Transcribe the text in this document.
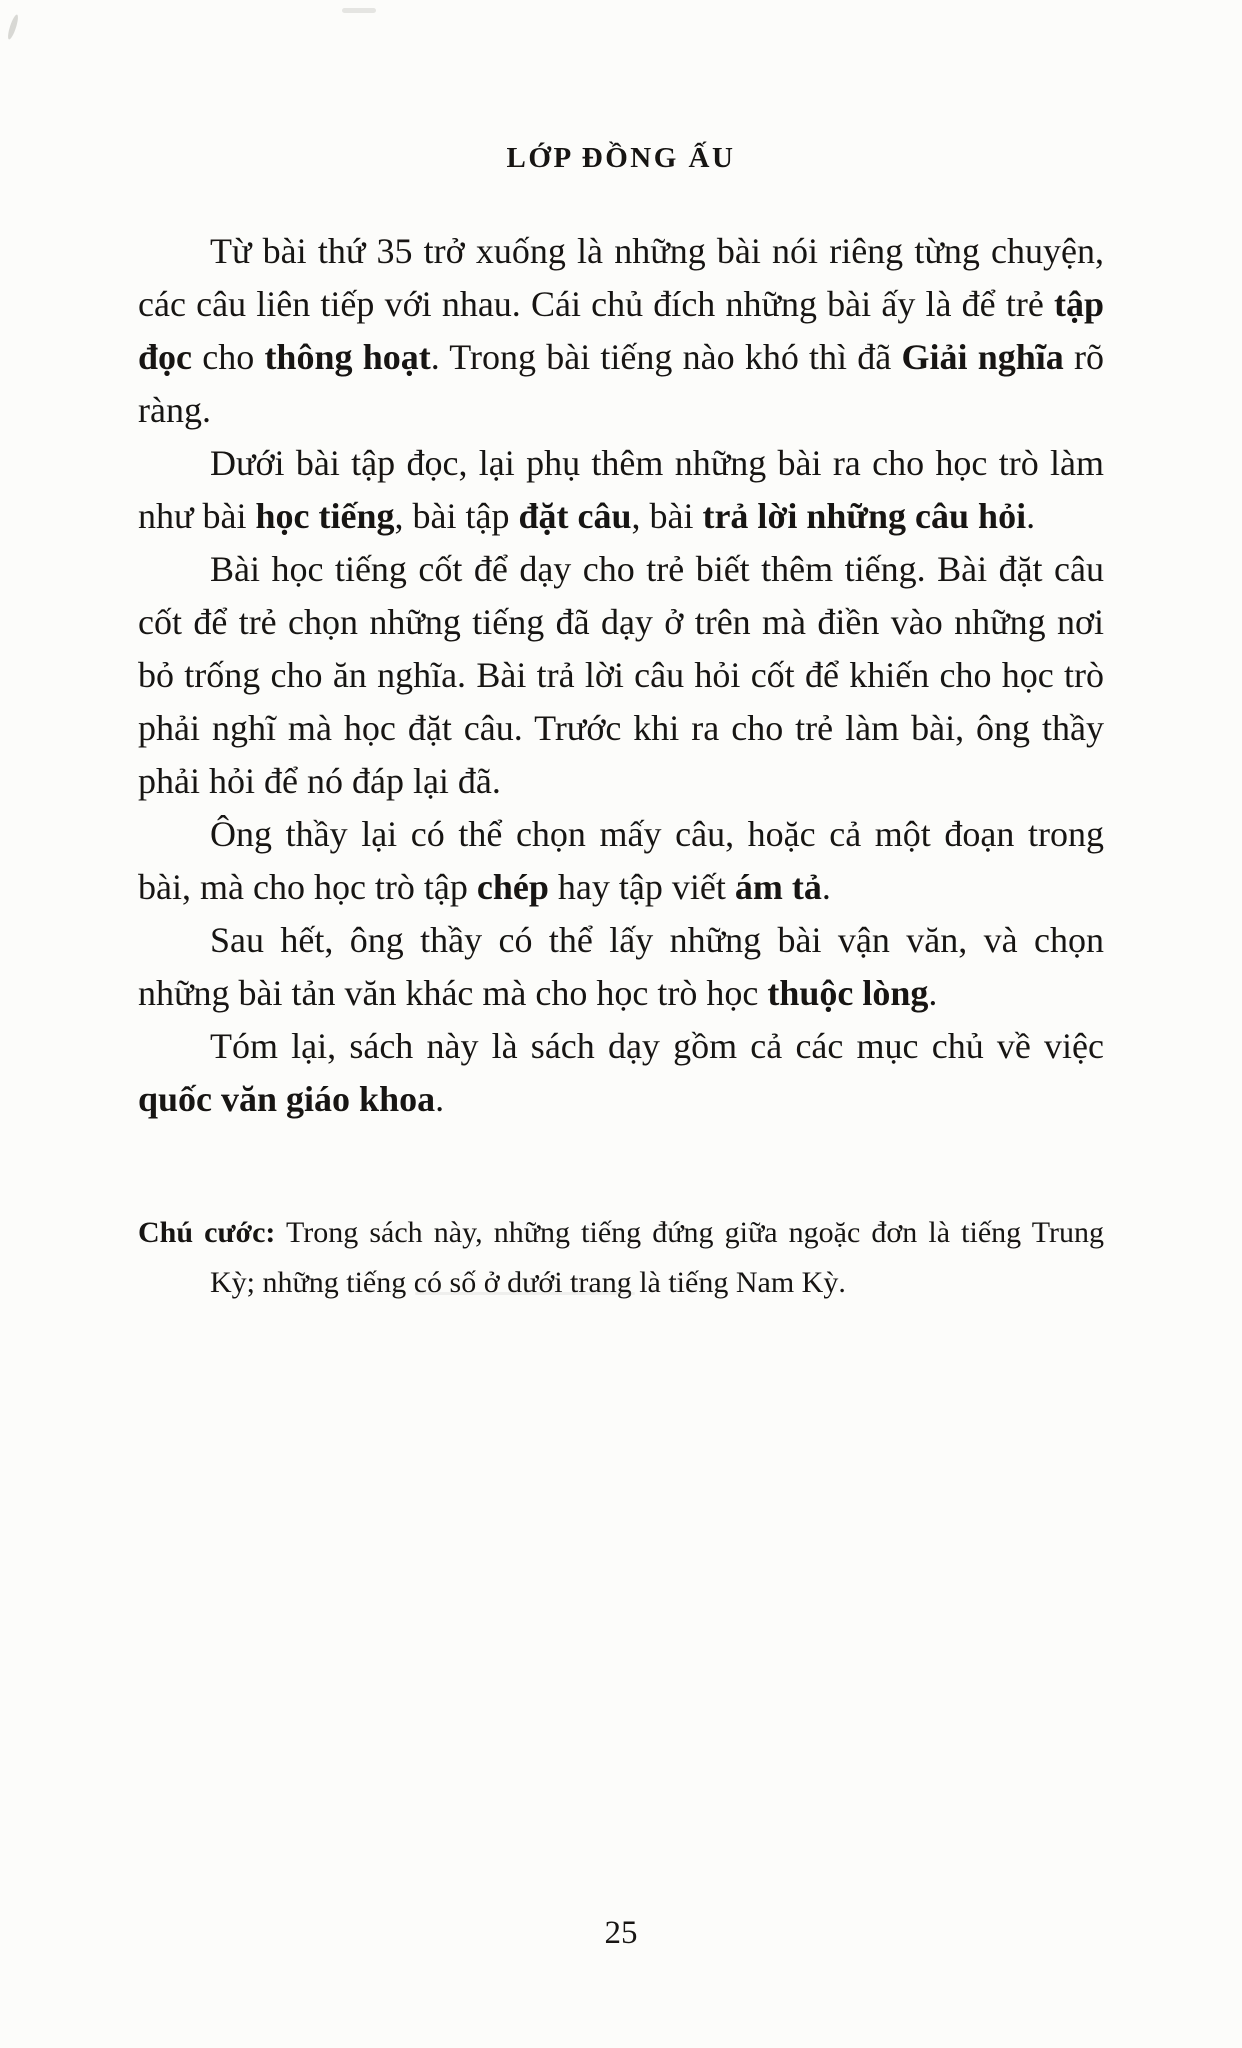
LỚP ĐỒNG ẤU

Từ bài thứ 35 trở xuống là những bài nói riêng từng chuyện, các câu liên tiếp với nhau. Cái chủ đích những bài ấy là để trẻ tập đọc cho thông hoạt. Trong bài tiếng nào khó thì đã Giải nghĩa rõ ràng.

Dưới bài tập đọc, lại phụ thêm những bài ra cho học trò làm như bài học tiếng, bài tập đặt câu, bài trả lời những câu hỏi.

Bài học tiếng cốt để dạy cho trẻ biết thêm tiếng. Bài đặt câu cốt để trẻ chọn những tiếng đã dạy ở trên mà điền vào những nơi bỏ trống cho ăn nghĩa. Bài trả lời câu hỏi cốt để khiến cho học trò phải nghĩ mà học đặt câu. Trước khi ra cho trẻ làm bài, ông thầy phải hỏi để nó đáp lại đã.

Ông thầy lại có thể chọn mấy câu, hoặc cả một đoạn trong bài, mà cho học trò tập chép hay tập viết ám tả.

Sau hết, ông thầy có thể lấy những bài vận văn, và chọn những bài tản văn khác mà cho học trò học thuộc lòng.

Tóm lại, sách này là sách dạy gồm cả các mục chủ về việc quốc văn giáo khoa.

Chú cước: Trong sách này, những tiếng đứng giữa ngoặc đơn là tiếng Trung Kỳ; những tiếng có số ở dưới trang là tiếng Nam Kỳ.

25
